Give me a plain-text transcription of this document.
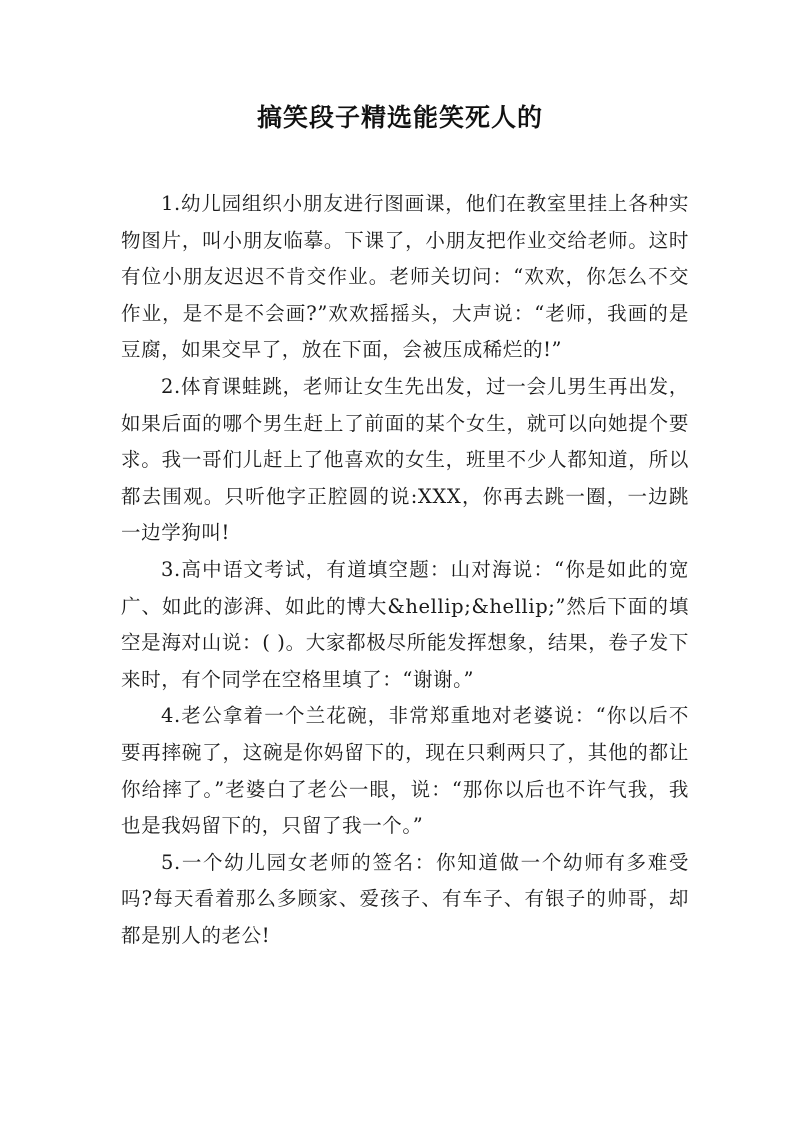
搞笑段子精选能笑死人的

1.幼儿园组织小朋友进行图画课，他们在教室里挂上各种实物图片，叫小朋友临摹。下课了，小朋友把作业交给老师。这时有位小朋友迟迟不肯交作业。老师关切问：“欢欢，你怎么不交作业，是不是不会画?”欢欢摇摇头，大声说：“老师，我画的是豆腐，如果交早了，放在下面，会被压成稀烂的!”

2.体育课蛙跳，老师让女生先出发，过一会儿男生再出发，如果后面的哪个男生赶上了前面的某个女生，就可以向她提个要求。我一哥们儿赶上了他喜欢的女生，班里不少人都知道，所以都去围观。只听他字正腔圆的说:XXX，你再去跳一圈，一边跳一边学狗叫!

3.高中语文考试，有道填空题：山对海说：“你是如此的宽广、如此的澎湃、如此的博大&hellip;&hellip;”然后下面的填空是海对山说：( )。大家都极尽所能发挥想象，结果，卷子发下来时，有个同学在空格里填了：“谢谢。”

4.老公拿着一个兰花碗，非常郑重地对老婆说：“你以后不要再摔碗了，这碗是你妈留下的，现在只剩两只了，其他的都让你给摔了。”老婆白了老公一眼，说：“那你以后也不许气我，我也是我妈留下的，只留了我一个。”

5.一个幼儿园女老师的签名：你知道做一个幼师有多难受吗?每天看着那么多顾家、爱孩子、有车子、有银子的帅哥，却都是别人的老公!
